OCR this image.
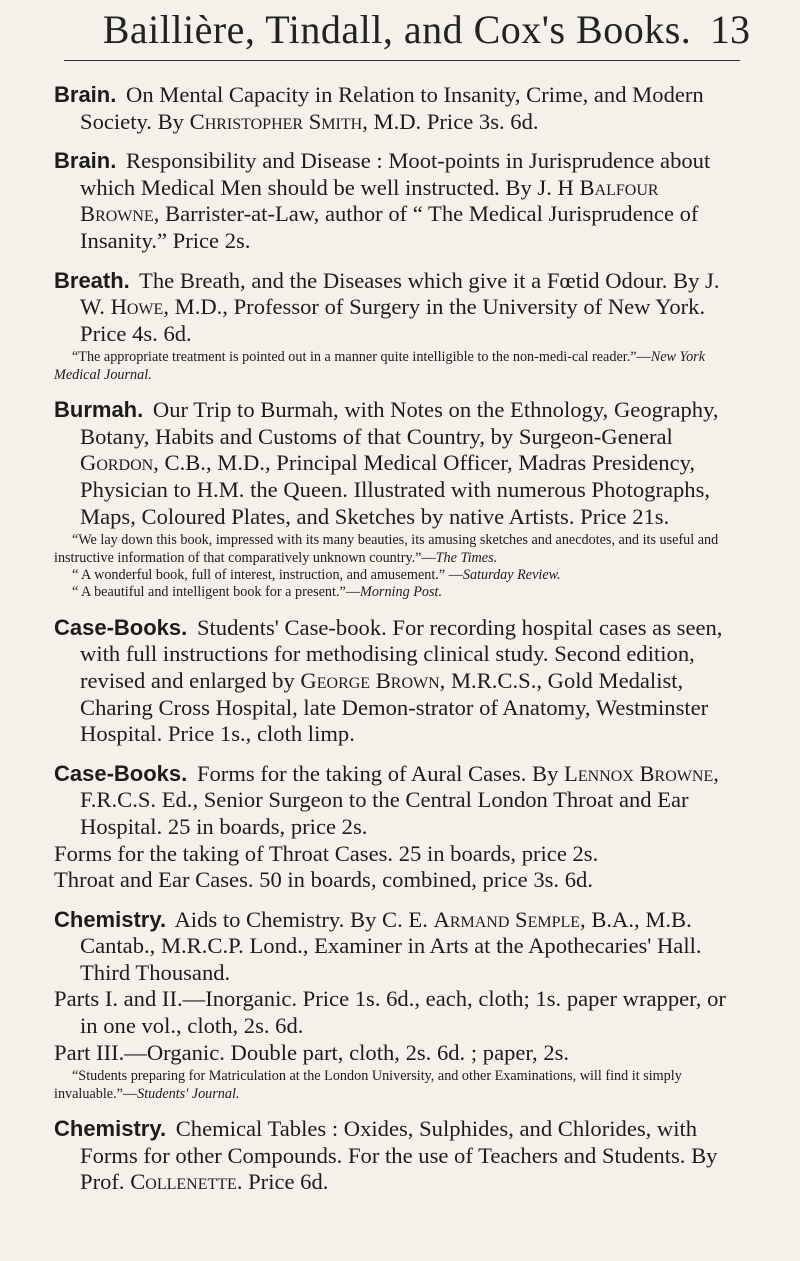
Baillière, Tindall, and Cox's Books. 13

Brain. On Mental Capacity in Relation to Insanity, Crime, and Modern Society. By Christopher Smith, M.D. Price 3s. 6d.

Brain. Responsibility and Disease : Moot-points in Jurisprudence about which Medical Men should be well instructed. By J. H Balfour Browne, Barrister-at-Law, author of “ The Medical Jurisprudence of Insanity.” Price 2s.

Breath. The Breath, and the Diseases which give it a Fœtid Odour. By J. W. Howe, M.D., Professor of Surgery in the University of New York. Price 4s. 6d.

“The appropriate treatment is pointed out in a manner quite intelligible to the non-medi-cal reader.”—New York Medical Journal.

Burmah. Our Trip to Burmah, with Notes on the Ethnology, Geography, Botany, Habits and Customs of that Country, by Surgeon-General Gordon, C.B., M.D., Principal Medical Officer, Madras Presidency, Physician to H.M. the Queen. Illustrated with numerous Photographs, Maps, Coloured Plates, and Sketches by native Artists. Price 21s.

“We lay down this book, impressed with its many beauties, its amusing sketches and anecdotes, and its useful and instructive information of that comparatively unknown country.”—The Times.

“ A wonderful book, full of interest, instruction, and amusement.” —Saturday Review.

“ A beautiful and intelligent book for a present.”—Morning Post.

Case-Books. Students' Case-book. For recording hospital cases as seen, with full instructions for methodising clinical study. Second edition, revised and enlarged by George Brown, M.R.C.S., Gold Medalist, Charing Cross Hospital, late Demon-strator of Anatomy, Westminster Hospital. Price 1s., cloth limp.

Case-Books. Forms for the taking of Aural Cases. By Lennox Browne, F.R.C.S. Ed., Senior Surgeon to the Central London Throat and Ear Hospital. 25 in boards, price 2s.

Forms for the taking of Throat Cases. 25 in boards, price 2s.

Throat and Ear Cases. 50 in boards, combined, price 3s. 6d.

Chemistry. Aids to Chemistry. By C. E. Armand Semple, B.A., M.B. Cantab., M.R.C.P. Lond., Examiner in Arts at the Apothecaries' Hall. Third Thousand.

Parts I. and II.—Inorganic. Price 1s. 6d., each, cloth; 1s. paper wrapper, or in one vol., cloth, 2s. 6d.

Part III.—Organic. Double part, cloth, 2s. 6d. ; paper, 2s.

“Students preparing for Matriculation at the London University, and other Examinations, will find it simply invaluable.”—Students' Journal.

Chemistry. Chemical Tables : Oxides, Sulphides, and Chlorides, with Forms for other Compounds. For the use of Teachers and Students. By Prof. Collenette. Price 6d.
